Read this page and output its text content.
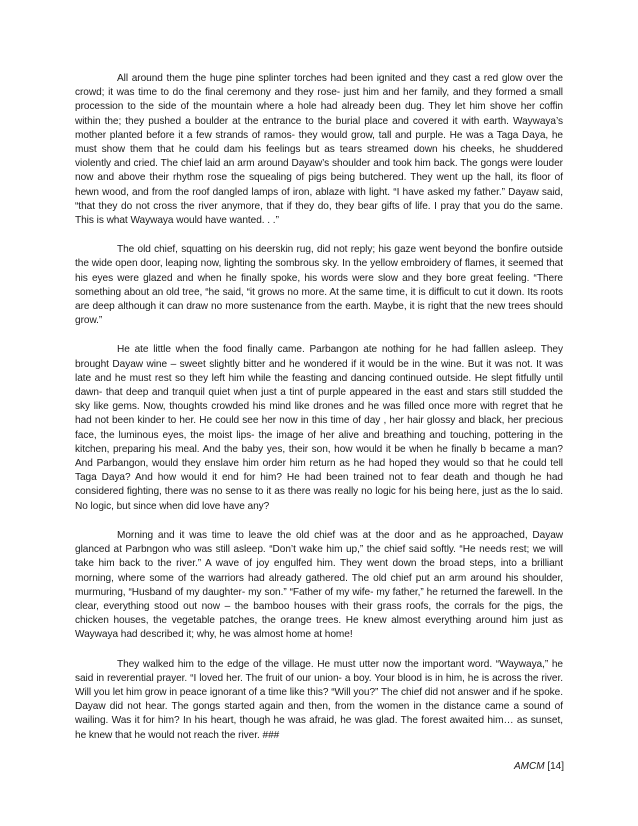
All around them the huge pine splinter torches had been ignited and they cast a red glow over the crowd; it was time to do the final ceremony and they rose- just him and her family, and they formed a small procession to the side of the mountain where a hole had already been dug. They let him shove her coffin within the; they pushed a boulder at the entrance to the burial place and covered it with earth. Waywaya’s mother planted before it a few strands of ramos- they would grow, tall and purple. He was a Taga Daya, he must show them that he could dam his feelings but as tears streamed down his cheeks, he shuddered violently and cried. The chief laid an arm around Dayaw’s shoulder and took him back. The gongs were louder now and above their rhythm rose the squealing of pigs being butchered. They went up the hall, its floor of hewn wood, and from the roof dangled lamps of iron, ablaze with light. “I have asked my father.” Dayaw said, “that they do not cross the river anymore, that if they do, they bear gifts of life. I pray that you do the same. This is what Waywaya would have wanted. . .”

The old chief, squatting on his deerskin rug, did not reply; his gaze went beyond the bonfire outside the wide open door, leaping now, lighting the sombrous sky. In the yellow embroidery of flames, it seemed that his eyes were glazed and when he finally spoke, his words were slow and they bore great feeling. “There something about an old tree, “he said, “it grows no more. At the same time, it is difficult to cut it down. Its roots are deep although it can draw no more sustenance from the earth. Maybe, it is right that the new trees should grow.”

He ate little when the food finally came. Parbangon ate nothing for he had falllen asleep. They brought Dayaw wine – sweet slightly bitter and he wondered if it would be in the wine. But it was not. It was late and he must rest so they left him while the feasting and dancing continued outside. He slept fitfully until dawn- that deep and tranquil quiet when just a tint of purple appeared in the east and stars still studded the sky like gems. Now, thoughts crowded his mind like drones and he was filled once more with regret that he had not been kinder to her. He could see her now in this time of day , her hair glossy and black, her precious face, the luminous eyes, the moist lips- the image of her alive and breathing and touching, pottering in the kitchen, preparing his meal. And the baby yes, their son, how would it be when he finally b became a man? And Parbangon, would they enslave him order him return as he had hoped they would so that he could tell Taga Daya? And how would it end for him? He had been trained not to fear death and though he had considered fighting, there was no sense to it as there was really no logic for his being here, just as the lo said. No logic, but since when did love have any?

Morning and it was time to leave the old chief was at the door and as he approached, Dayaw glanced at Parbngon who was still asleep. “Don’t wake him up,” the chief said softly. “He needs rest; we will take him back to the river.” A wave of joy engulfed him. They went down the broad steps, into a brilliant morning, where some of the warriors had already gathered. The old chief put an arm around his shoulder, murmuring, “Husband of my daughter- my son.” “Father of my wife- my father,” he returned the farewell. In the clear, everything stood out now – the bamboo houses with their grass roofs, the corrals for the pigs, the chicken houses, the vegetable patches, the orange trees. He knew almost everything around him just as Waywaya had described it; why, he was almost home at home!

They walked him to the edge of the village. He must utter now the important word. “Waywaya,” he said in reverential prayer. “I loved her. The fruit of our union- a boy. Your blood is in him, he is across the river. Will you let him grow in peace ignorant of a time like this? “Will you?” The chief did not answer and if he spoke. Dayaw did not hear. The gongs started again and then, from the women in the distance came a sound of wailing. Was it for him? In his heart, though he was afraid, he was glad. The forest awaited him… as sunset, he knew that he would not reach the river. ###

AMCM [14]
